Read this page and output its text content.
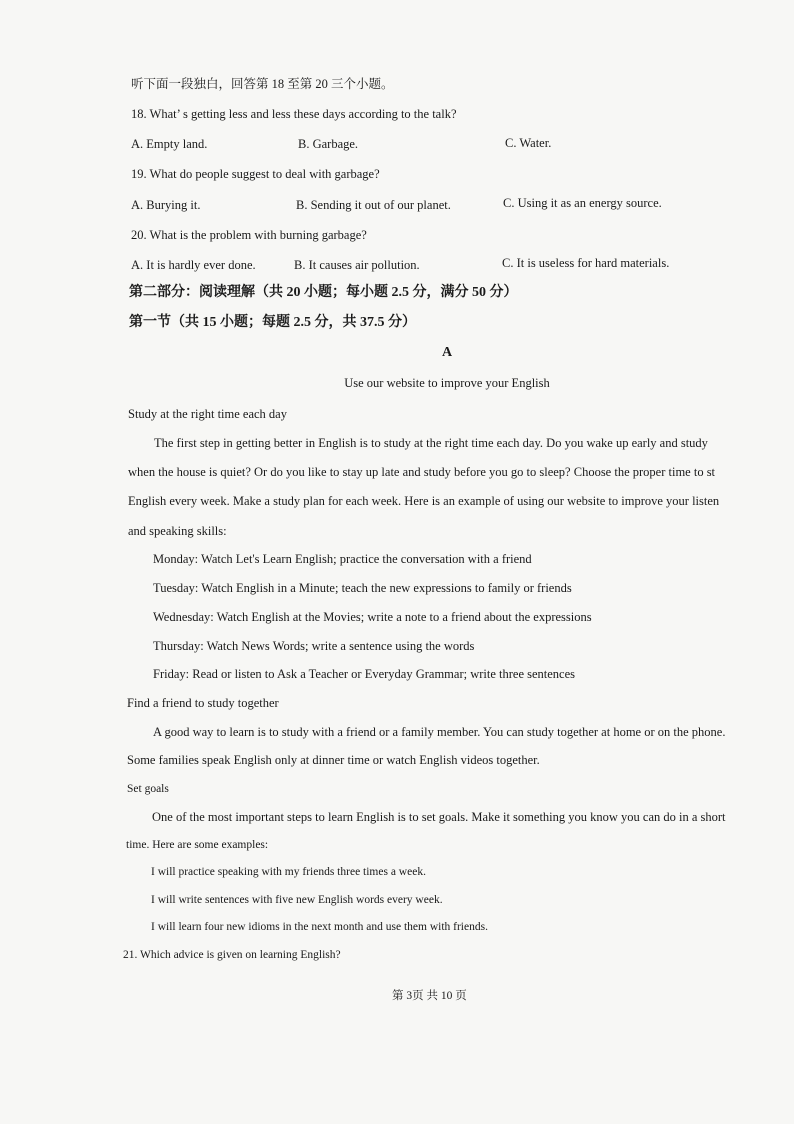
听下面一段独白，回答第 18 至第 20 三个小题。
18. What’ s getting less and less these days according to the talk?
A. Empty land.	B. Garbage.	C. Water.
19. What do people suggest to deal with garbage?
A. Burying it.	B. Sending it out of our planet.	C. Using it as an energy source.
20. What is the problem with burning garbage?
A. It is hardly ever done.	B. It causes air pollution.	C. It is useless for hard materials.
第二部分：阅读理解（共 20 小题；每小题 2.5 分，满分 50 分）
第一节（共 15 小题；每题 2.5 分，共 37.5 分）
A
Use our website to improve your English
Study at the right time each day
The first step in getting better in English is to study at the right time each day. Do you wake up early and study
when the house is quiet? Or do you like to stay up late and study before you go to sleep? Choose the proper time to st
English every week. Make a study plan for each week. Here is an example of using our website to improve your listen
and speaking skills:
Monday: Watch Let's Learn English; practice the conversation with a friend
Tuesday: Watch English in a Minute; teach the new expressions to family or friends
Wednesday: Watch English at the Movies; write a note to a friend about the expressions
Thursday: Watch News Words; write a sentence using the words
Friday: Read or listen to Ask a Teacher or Everyday Grammar; write three sentences
Find a friend to study together
A good way to learn is to study with a friend or a family member. You can study together at home or on the phone.
Some families speak English only at dinner time or watch English videos together.
Set goals
One of the most important steps to learn English is to set goals. Make it something you know you can do in a short
time. Here are some examples:
I will practice speaking with my friends three times a week.
I will write sentences with five new English words every week.
I will learn four new idioms in the next month and use them with friends.
21. Which advice is given on learning English?
第 3页 共 10 页
